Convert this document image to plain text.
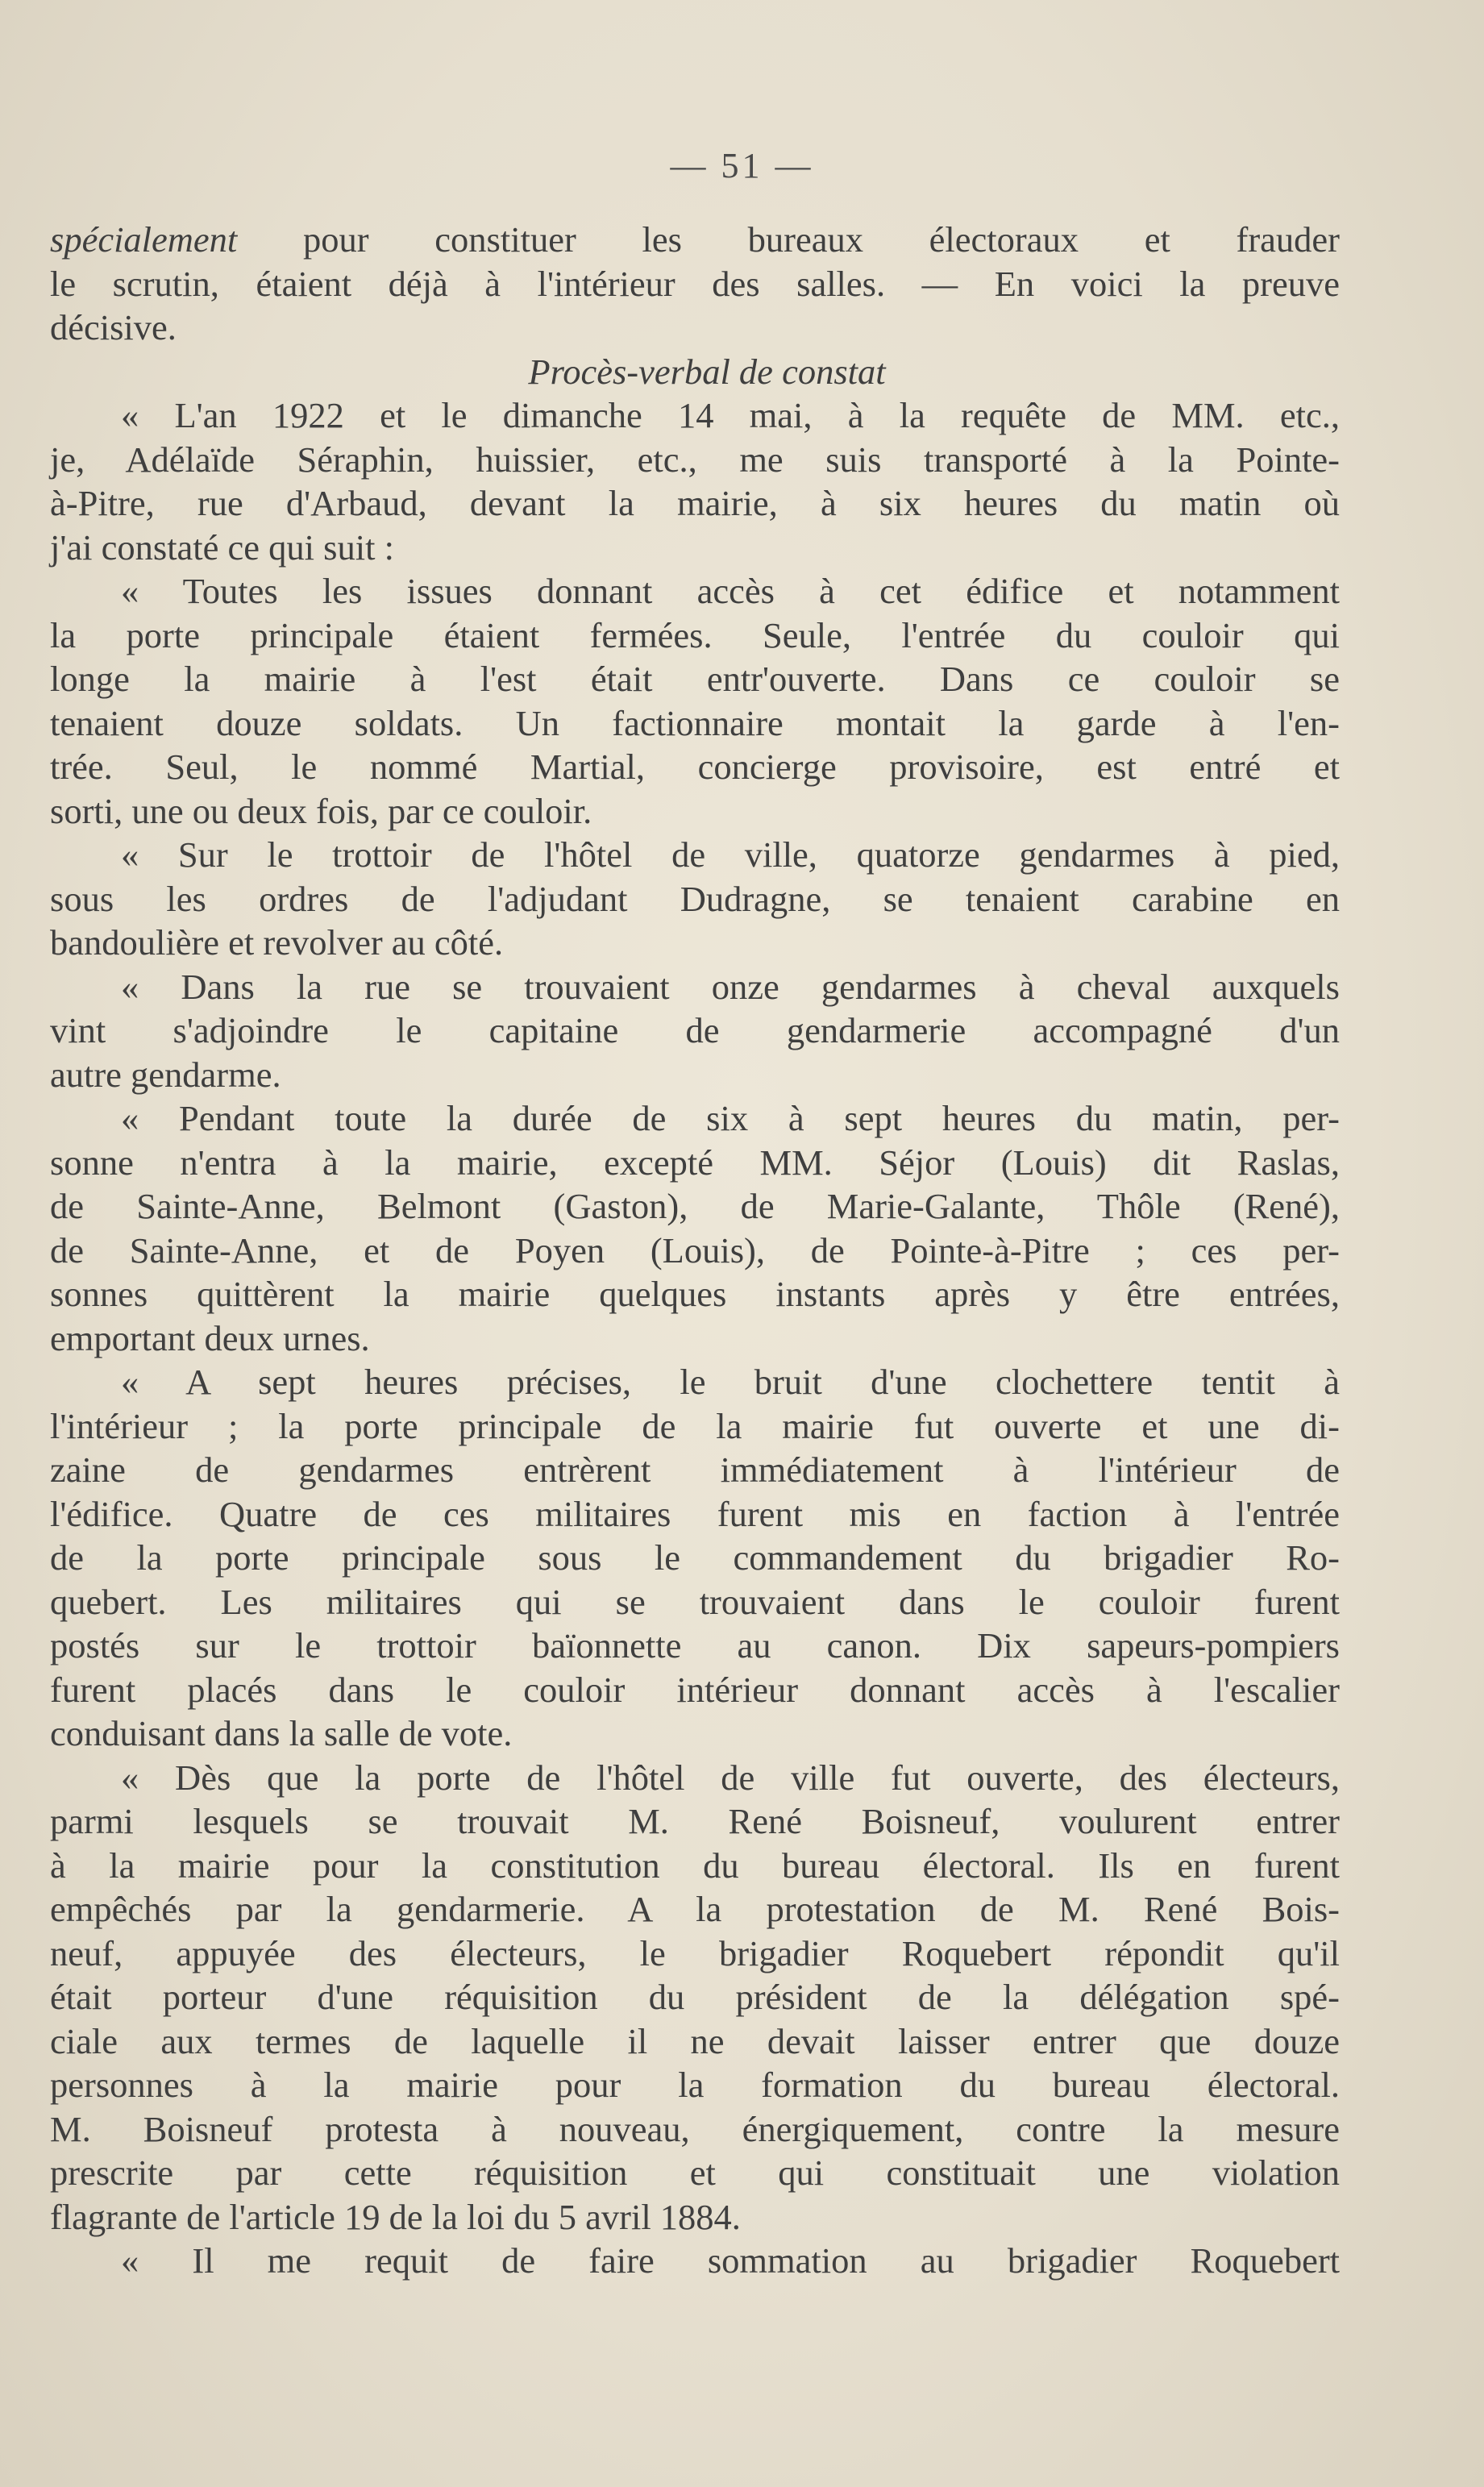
— 51 —
spécialement pour constituer les bureaux électoraux et frauder
le scrutin, étaient déjà à l'intérieur des salles. — En voici la preuve
décisive.
Procès-verbal de constat
« L'an 1922 et le dimanche 14 mai, à la requête de MM. etc.,
je, Adélaïde Séraphin, huissier, etc., me suis transporté à la Pointe-
à-Pitre, rue d'Arbaud, devant la mairie, à six heures du matin où
j'ai constaté ce qui suit :
« Toutes les issues donnant accès à cet édifice et notamment
la porte principale étaient fermées. Seule, l'entrée du couloir qui
longe la mairie à l'est était entr'ouverte. Dans ce couloir se
tenaient douze soldats. Un factionnaire montait la garde à l'en-
trée. Seul, le nommé Martial, concierge provisoire, est entré et
sorti, une ou deux fois, par ce couloir.
« Sur le trottoir de l'hôtel de ville, quatorze gendarmes à pied,
sous les ordres de l'adjudant Dudragne, se tenaient carabine en
bandoulière et revolver au côté.
« Dans la rue se trouvaient onze gendarmes à cheval auxquels
vint s'adjoindre le capitaine de gendarmerie accompagné d'un
autre gendarme.
« Pendant toute la durée de six à sept heures du matin, per-
sonne n'entra à la mairie, excepté MM. Séjor (Louis) dit Raslas,
de Sainte-Anne, Belmont (Gaston), de Marie-Galante, Thôle (René),
de Sainte-Anne, et de Poyen (Louis), de Pointe-à-Pitre ; ces per-
sonnes quittèrent la mairie quelques instants après y être entrées,
emportant deux urnes.
« A sept heures précises, le bruit d'une clochettere tentit à
l'intérieur ; la porte principale de la mairie fut ouverte et une di-
zaine de gendarmes entrèrent immédiatement à l'intérieur de
l'édifice. Quatre de ces militaires furent mis en faction à l'entrée
de la porte principale sous le commandement du brigadier Ro-
quebert. Les militaires qui se trouvaient dans le couloir furent
postés sur le trottoir baïonnette au canon. Dix sapeurs-pompiers
furent placés dans le couloir intérieur donnant accès à l'escalier
conduisant dans la salle de vote.
« Dès que la porte de l'hôtel de ville fut ouverte, des électeurs,
parmi lesquels se trouvait M. René Boisneuf, voulurent entrer
à la mairie pour la constitution du bureau électoral. Ils en furent
empêchés par la gendarmerie. A la protestation de M. René Bois-
neuf, appuyée des électeurs, le brigadier Roquebert répondit qu'il
était porteur d'une réquisition du président de la délégation spé-
ciale aux termes de laquelle il ne devait laisser entrer que douze
personnes à la mairie pour la formation du bureau électoral.
M. Boisneuf protesta à nouveau, énergiquement, contre la mesure
prescrite par cette réquisition et qui constituait une violation
flagrante de l'article 19 de la loi du 5 avril 1884.
« Il me requit de faire sommation au brigadier Roquebert
